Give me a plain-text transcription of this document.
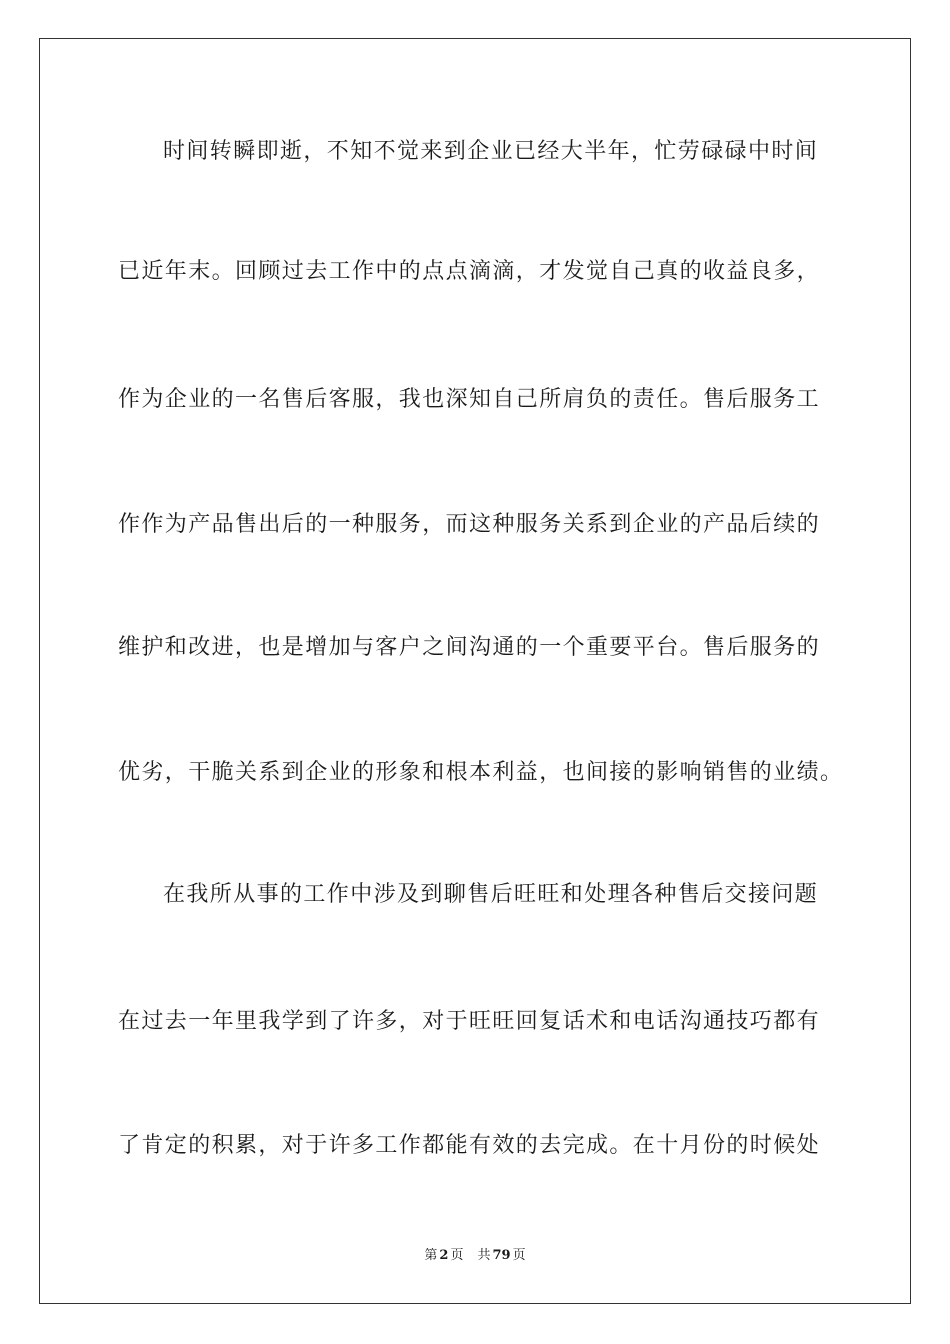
时间转瞬即逝，不知不觉来到企业已经大半年，忙劳碌碌中时间
已近年末。回顾过去工作中的点点滴滴，才发觉自己真的收益良多，
作为企业的一名售后客服，我也深知自己所肩负的责任。售后服务工
作作为产品售出后的一种服务，而这种服务关系到企业的产品后续的
维护和改进，也是增加与客户之间沟通的一个重要平台。售后服务的
优劣，干脆关系到企业的形象和根本利益，也间接的影响销售的业绩。
在我所从事的工作中涉及到聊售后旺旺和处理各种售后交接问题
在过去一年里我学到了许多，对于旺旺回复话术和电话沟通技巧都有
了肯定的积累，对于许多工作都能有效的去完成。在十月份的时候处
第 2 页 共 79 页
